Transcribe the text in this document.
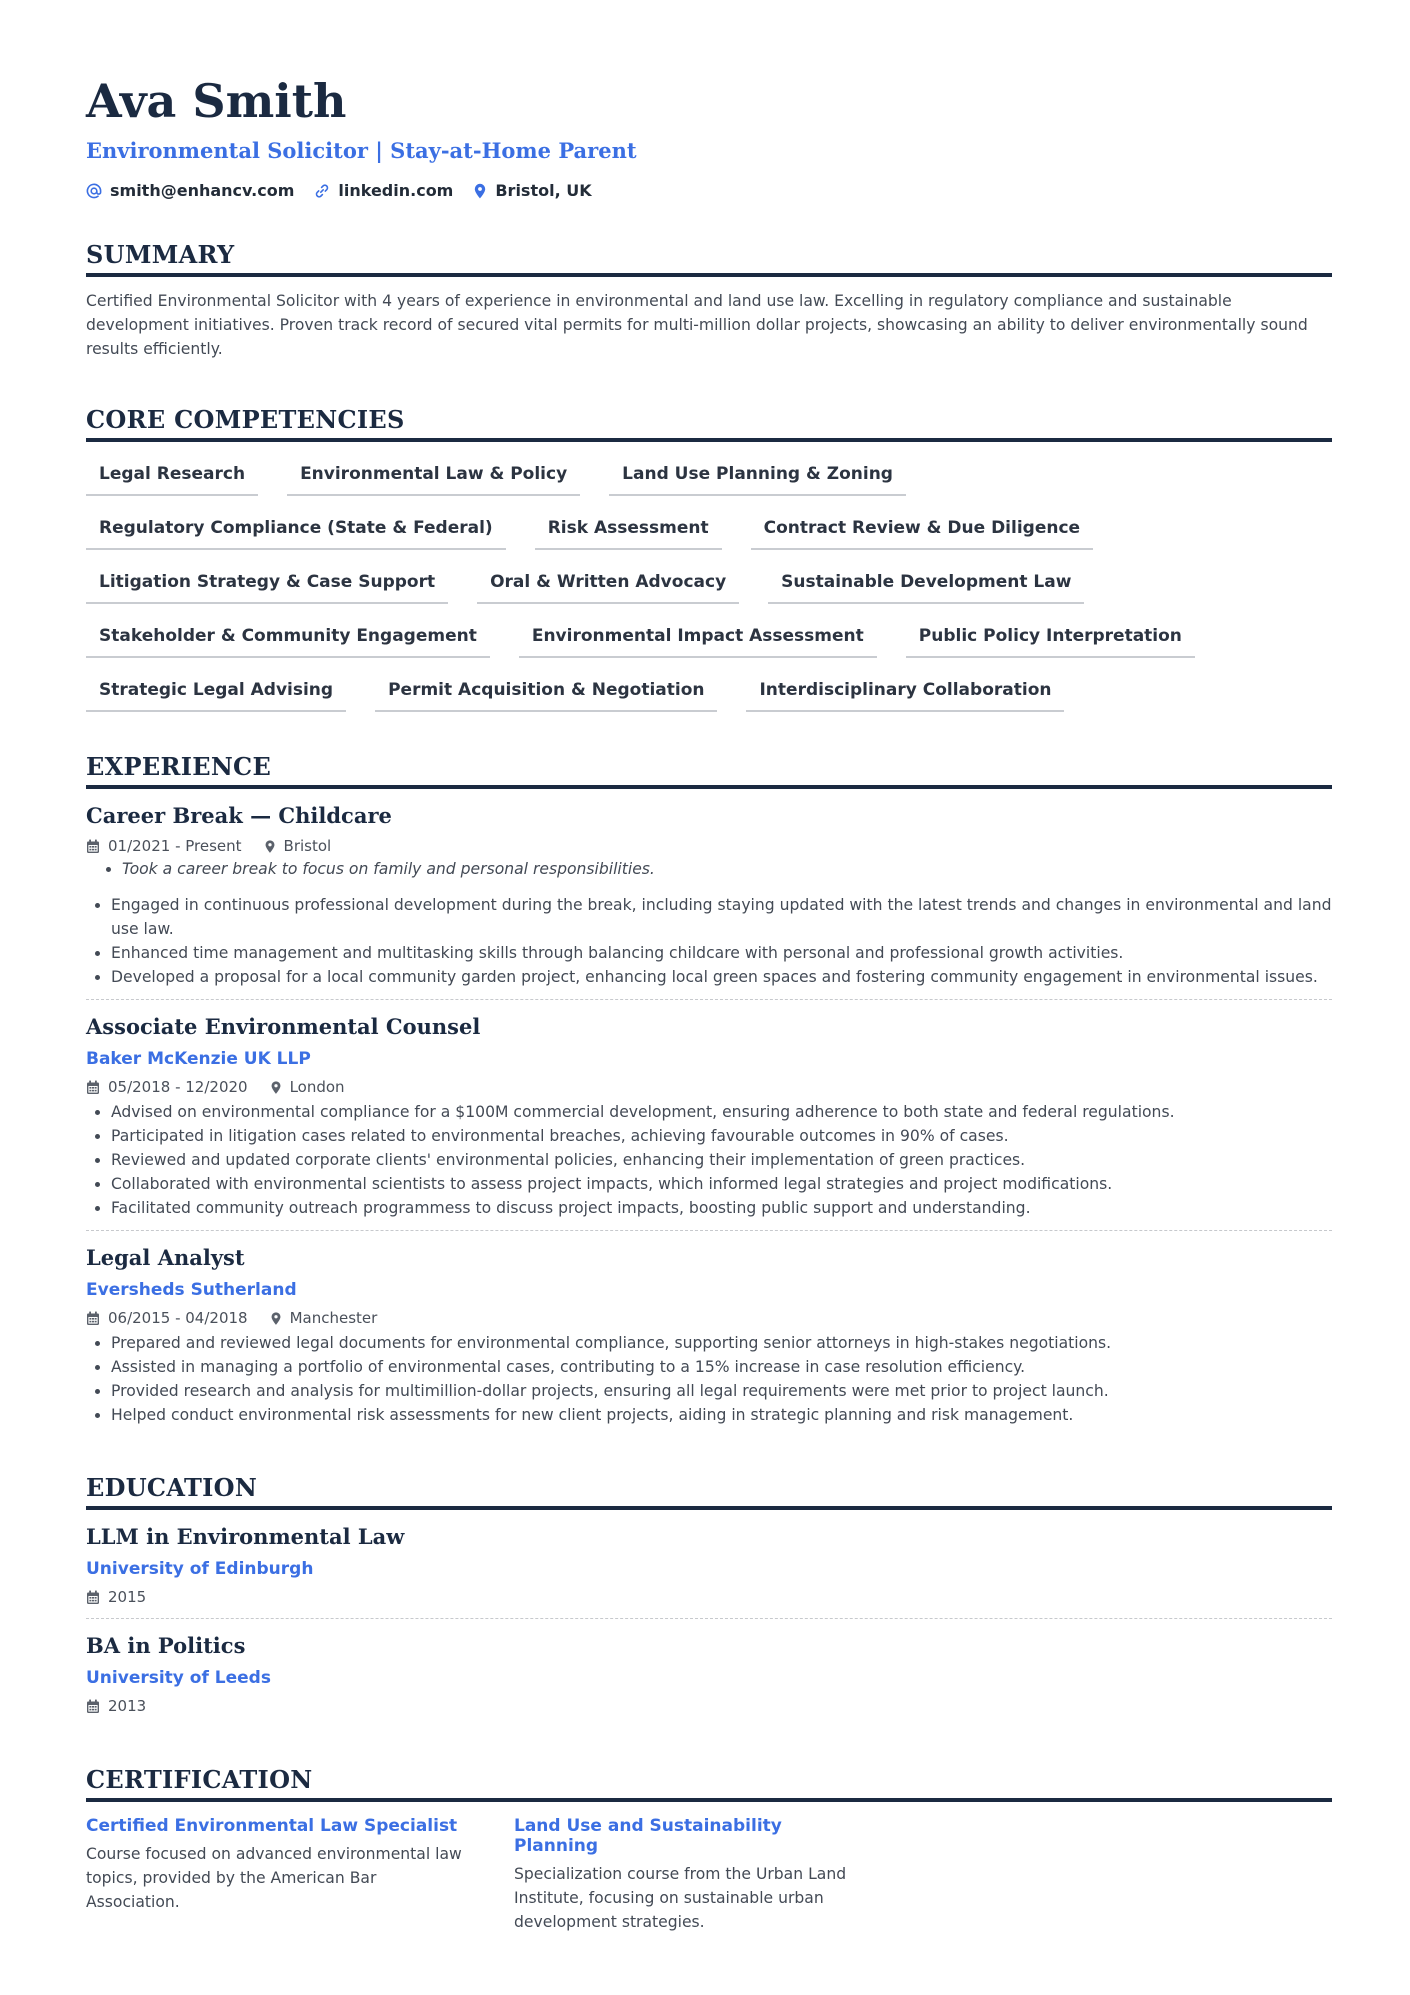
Ava Smith
Environmental Solicitor | Stay-at-Home Parent
smith@enhancv.com	linkedin.com	Bristol, UK
SUMMARY
Certified Environmental Solicitor with 4 years of experience in environmental and land use law. Excelling in regulatory compliance and sustainable development initiatives. Proven track record of secured vital permits for multi-million dollar projects, showcasing an ability to deliver environmentally sound results efficiently.
CORE COMPETENCIES
Legal Research	Environmental Law & Policy	Land Use Planning & Zoning
Regulatory Compliance (State & Federal)	Risk Assessment	Contract Review & Due Diligence
Litigation Strategy & Case Support	Oral & Written Advocacy	Sustainable Development Law
Stakeholder & Community Engagement	Environmental Impact Assessment	Public Policy Interpretation
Strategic Legal Advising	Permit Acquisition & Negotiation	Interdisciplinary Collaboration
EXPERIENCE
Career Break — Childcare
01/2021 - Present	Bristol
• Took a career break to focus on family and personal responsibilities.
• Engaged in continuous professional development during the break, including staying updated with the latest trends and changes in environmental and land use law.
• Enhanced time management and multitasking skills through balancing childcare with personal and professional growth activities.
• Developed a proposal for a local community garden project, enhancing local green spaces and fostering community engagement in environmental issues.
Associate Environmental Counsel
Baker McKenzie UK LLP
05/2018 - 12/2020	London
• Advised on environmental compliance for a $100M commercial development, ensuring adherence to both state and federal regulations.
• Participated in litigation cases related to environmental breaches, achieving favourable outcomes in 90% of cases.
• Reviewed and updated corporate clients' environmental policies, enhancing their implementation of green practices.
• Collaborated with environmental scientists to assess project impacts, which informed legal strategies and project modifications.
• Facilitated community outreach programmess to discuss project impacts, boosting public support and understanding.
Legal Analyst
Eversheds Sutherland
06/2015 - 04/2018	Manchester
• Prepared and reviewed legal documents for environmental compliance, supporting senior attorneys in high-stakes negotiations.
• Assisted in managing a portfolio of environmental cases, contributing to a 15% increase in case resolution efficiency.
• Provided research and analysis for multimillion-dollar projects, ensuring all legal requirements were met prior to project launch.
• Helped conduct environmental risk assessments for new client projects, aiding in strategic planning and risk management.
EDUCATION
LLM in Environmental Law
University of Edinburgh
2015
BA in Politics
University of Leeds
2013
CERTIFICATION
Certified Environmental Law Specialist
Course focused on advanced environmental law topics, provided by the American Bar Association.
Land Use and Sustainability Planning
Specialization course from the Urban Land Institute, focusing on sustainable urban development strategies.
